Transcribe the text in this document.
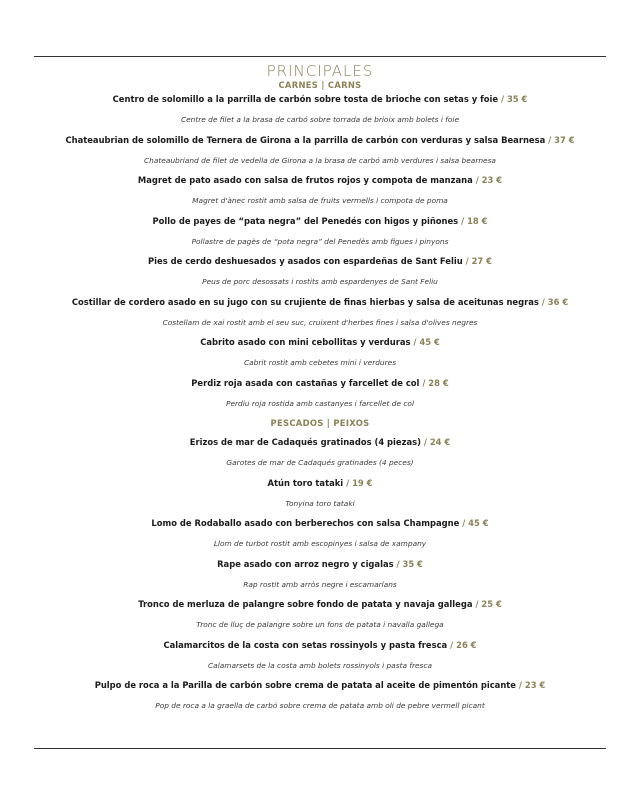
PRINCIPALES
CARNES | CARNS
Centro de solomillo a la parrilla de carbón sobre tosta de brioche con setas y foie / 35 €
Centre de filet a la brasa de carbó sobre torrada de brioix amb bolets i foie
Chateaubrian de solomillo de Ternera de Girona a la parrilla de carbón con verduras y salsa Bearnesa / 37 €
Chateaubriand de filet de vedella de Girona a la brasa de carbó amb verdures i salsa bearnesa
Magret de pato asado con salsa de frutos rojos y compota de manzana / 23 €
Magret d'ànec rostit amb salsa de fruits vermells i compota de poma
Pollo de payes de “pata negra” del Penedés con higos y piñones / 18 €
Pollastre de pagès de “pota negra” del Penedès amb figues i pinyons
Pies de cerdo deshuesados y asados con espardeñas de Sant Feliu / 27 €
Peus de porc desossats i rostits amb espardenyes de Sant Feliu
Costillar de cordero asado en su jugo con su crujiente de finas hierbas y salsa de aceitunas negras / 36 €
Costellam de xai rostit amb el seu suc, cruixent d'herbes fines i salsa d'olives negres
Cabrito asado con mini cebollitas y verduras / 45 €
Cabrit rostit amb cebetes mini i verdures
Perdiz roja asada con castañas y farcellet de col / 28 €
Perdiu roja rostida amb castanyes i farcellet de col
PESCADOS | PEIXOS
Erizos de mar de Cadaqués gratinados (4 piezas) / 24 €
Garotes de mar de Cadaqués gratinades (4 peces)
Atún toro tataki / 19 €
Tonyina toro tataki
Lomo de Rodaballo asado con berberechos con salsa Champagne / 45 €
Llom de turbot rostit amb escopinyes i salsa de xampany
Rape asado con arroz negro y cigalas / 35 €
Rap rostit amb arròs negre i escamarlans
Tronco de merluza de palangre sobre fondo de patata y navaja gallega / 25 €
Tronc de lluç de palangre sobre un fons de patata i navalla gallega
Calamarcitos de la costa con setas rossinyols y pasta fresca / 26 €
Calamarsets de la costa amb bolets rossinyols i pasta fresca
Pulpo de roca a la Parilla de carbón sobre crema de patata al aceite de pimentón picante / 23 €
Pop de roca a la graella de carbó sobre crema de patata amb oli de pebre vermell picant
